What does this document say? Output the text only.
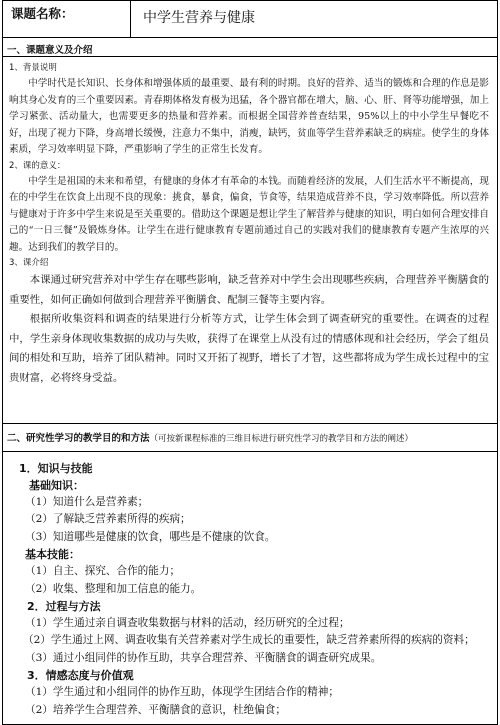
课题名称：	中学生营养与健康
一、课题意义及介绍

1、背景说明

中学时代是长知识、长身体和增强体质的最重要、最有利的时期。良好的营养、适当的锻炼和合理的作息是影响其身心发育的三个重要因素。青春期体格发育极为迅猛，各个器官都在增大，脑、心、肝、肾等功能增强，加上学习紧张、活动量大，也需要更多的热量和营养素。而根据全国营养普查结果，95%以上的中小学生早餐吃不好，出现了视力下降，身高增长缓慢，注意力不集中，消瘦，缺钙，贫血等学生营养素缺乏的病症。使学生的身体素质，学习效率明显下降，严重影响了学生的正常生长发育。

2、课的意义：

中学生是祖国的未来和希望，有健康的身体才有革命的本钱。而随着经济的发展，人们生活水平不断提高，现在的中学生在饮食上出现不良的现象：挑食，暴食，偏食，节食等，结果造成营养不良，学习效率降低。所以营养与健康对于许多中学生来说是至关重要的。借助这个课题是想让学生了解营养与健康的知识，明白如何合理安排自己的“一日三餐”及锻炼身体。让学生在进行健康教育专题前通过自己的实践对我们的健康教育专题产生浓厚的兴趣。达到我们的教学目的。

3、课介绍

本课通过研究营养对中学生存在哪些影响，缺乏营养对中学生会出现哪些疾病，合理营养平衡膳食的重要性，如何正确如何做到合理营养平衡膳食、配制三餐等主要内容。

根据所收集资料和调查的结果进行分析等方式，让学生体会到了调查研究的重要性。在调查的过程中，学生亲身体现收集数据的成功与失败，获得了在课堂上从没有过的情感体现和社会经历，学会了组员间的相处和互助，培养了团队精神。同时又开拓了视野，增长了才智，这些都将成为学生成长过程中的宝贵财富，必将终身受益。

二、研究性学习的教学目的和方法（可按新课程标准的三维目标进行研究性学习的教学目和方法的阐述）

1．知识与技能

基础知识：

（1）知道什么是营养素；

（2）了解缺乏营养素所得的疾病；

（3）知道哪些是健康的饮食，哪些是不健康的饮食。

基本技能：

（1）自主、探究、合作的能力；

（2）收集、整理和加工信息的能力。

2．过程与方法

（1）学生通过亲自调查收集数据与材料的活动，经历研究的全过程；

（2）学生通过上网、调查收集有关营养素对学生成长的重要性，缺乏营养素所得的疾病的资料；

（3）通过小组同伴的协作互助，共享合理营养、平衡膳食的调查研究成果。

3．情感态度与价值观

（1）学生通过和小组同伴的协作互助，体现学生团结合作的精神；

（2）培养学生合理营养、平衡膳食的意识，杜绝偏食；
